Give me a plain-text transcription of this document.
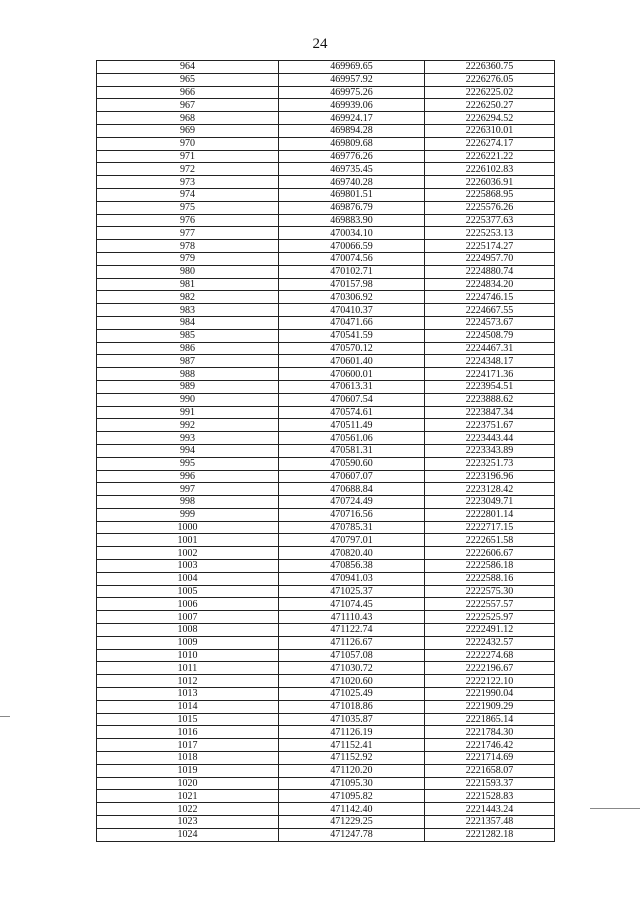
24
964	469969.65	2226360.75
965	469957.92	2226276.05
966	469975.26	2226225.02
967	469939.06	2226250.27
968	469924.17	2226294.52
969	469894.28	2226310.01
970	469809.68	2226274.17
971	469776.26	2226221.22
972	469735.45	2226102.83
973	469740.28	2226036.91
974	469801.51	2225868.95
975	469876.79	2225576.26
976	469883.90	2225377.63
977	470034.10	2225253.13
978	470066.59	2225174.27
979	470074.56	2224957.70
980	470102.71	2224880.74
981	470157.98	2224834.20
982	470306.92	2224746.15
983	470410.37	2224667.55
984	470471.66	2224573.67
985	470541.59	2224508.79
986	470570.12	2224467.31
987	470601.40	2224348.17
988	470600.01	2224171.36
989	470613.31	2223954.51
990	470607.54	2223888.62
991	470574.61	2223847.34
992	470511.49	2223751.67
993	470561.06	2223443.44
994	470581.31	2223343.89
995	470590.60	2223251.73
996	470607.07	2223196.96
997	470688.84	2223128.42
998	470724.49	2223049.71
999	470716.56	2222801.14
1000	470785.31	2222717.15
1001	470797.01	2222651.58
1002	470820.40	2222606.67
1003	470856.38	2222586.18
1004	470941.03	2222588.16
1005	471025.37	2222575.30
1006	471074.45	2222557.57
1007	471110.43	2222525.97
1008	471122.74	2222491.12
1009	471126.67	2222432.57
1010	471057.08	2222274.68
1011	471030.72	2222196.67
1012	471020.60	2222122.10
1013	471025.49	2221990.04
1014	471018.86	2221909.29
1015	471035.87	2221865.14
1016	471126.19	2221784.30
1017	471152.41	2221746.42
1018	471152.92	2221714.69
1019	471120.20	2221658.07
1020	471095.30	2221593.37
1021	471095.82	2221528.83
1022	471142.40	2221443.24
1023	471229.25	2221357.48
1024	471247.78	2221282.18
